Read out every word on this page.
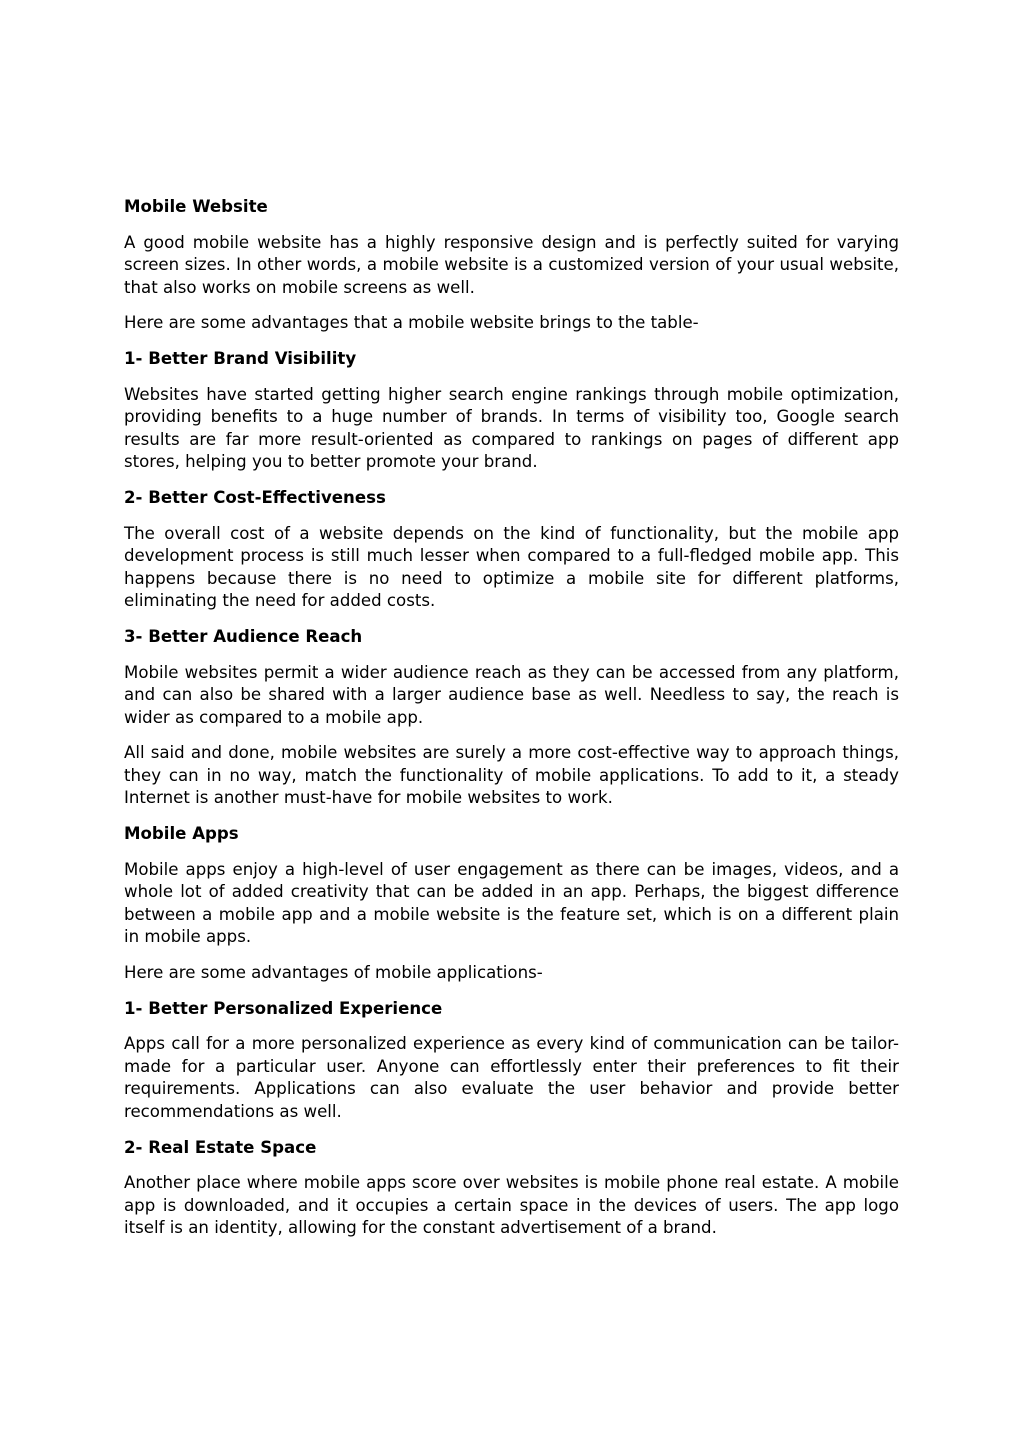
Mobile Website
A good mobile website has a highly responsive design and is perfectly suited for varying screen sizes. In other words, a mobile website is a customized version of your usual website, that also works on mobile screens as well.
Here are some advantages that a mobile website brings to the table-
1- Better Brand Visibility
Websites have started getting higher search engine rankings through mobile optimization, providing benefits to a huge number of brands. In terms of visibility too, Google search results are far more result-oriented as compared to rankings on pages of different app stores, helping you to better promote your brand.
2- Better Cost-Effectiveness
The overall cost of a website depends on the kind of functionality, but the mobile app development process is still much lesser when compared to a full-fledged mobile app. This happens because there is no need to optimize a mobile site for different platforms, eliminating the need for added costs.
3- Better Audience Reach
Mobile websites permit a wider audience reach as they can be accessed from any platform, and can also be shared with a larger audience base as well. Needless to say, the reach is wider as compared to a mobile app.
All said and done, mobile websites are surely a more cost-effective way to approach things, they can in no way, match the functionality of mobile applications. To add to it, a steady Internet is another must-have for mobile websites to work.
Mobile Apps
Mobile apps enjoy a high-level of user engagement as there can be images, videos, and a whole lot of added creativity that can be added in an app. Perhaps, the biggest difference between a mobile app and a mobile website is the feature set, which is on a different plain in mobile apps.
Here are some advantages of mobile applications-
1- Better Personalized Experience
Apps call for a more personalized experience as every kind of communication can be tailor-made for a particular user. Anyone can effortlessly enter their preferences to fit their requirements. Applications can also evaluate the user behavior and provide better recommendations as well.
2- Real Estate Space
Another place where mobile apps score over websites is mobile phone real estate. A mobile app is downloaded, and it occupies a certain space in the devices of users. The app logo itself is an identity, allowing for the constant advertisement of a brand.
